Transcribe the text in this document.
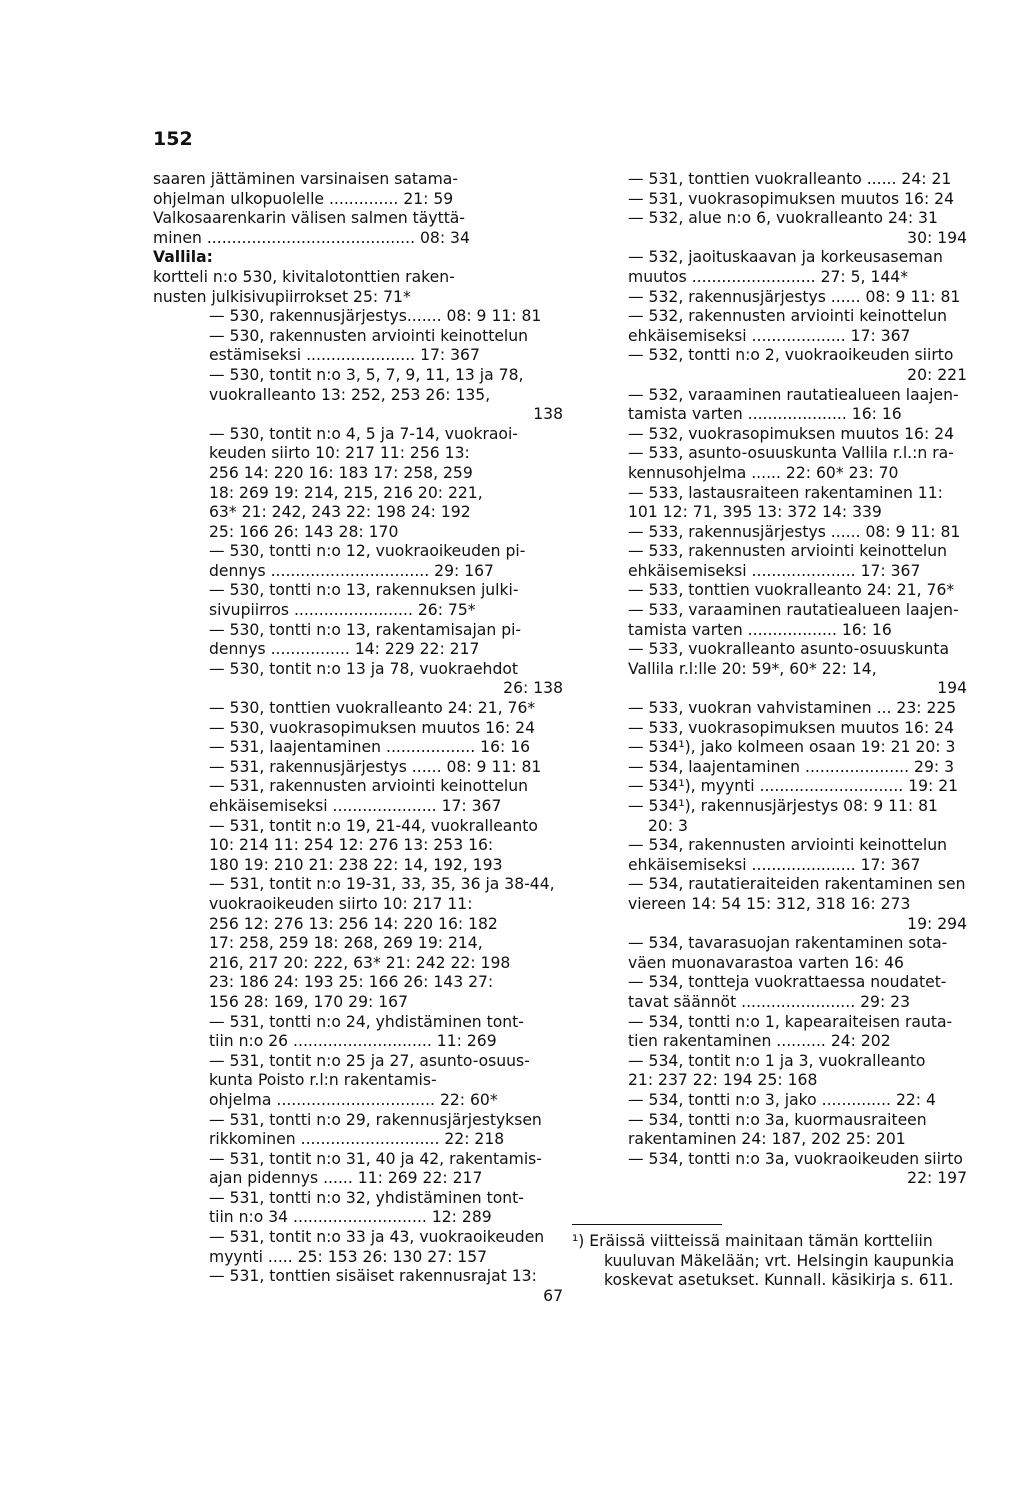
152
saaren jättäminen varsinaisen satama-
ohjelman ulkopuolelle .............. 21: 59
Valkosaarenkarin välisen salmen täyttä-
minen .......................................... 08: 34
Vallila:
kortteli n:o 530, kivitalotonttien raken-
nusten julkisivupiirrokset 25: 71*
— 530, rakennusjärjestys....... 08: 9 11: 81
— 530, rakennusten arviointi keinottelun
estämiseksi ...................... 17: 367
— 530, tontit n:o 3, 5, 7, 9, 11, 13 ja 78,
vuokralleanto 13: 252, 253 26: 135,
138
— 530, tontit n:o 4, 5 ja 7-14, vuokraoi-
keuden siirto 10: 217 11: 256 13:
256 14: 220 16: 183 17: 258, 259
18: 269 19: 214, 215, 216 20: 221,
63* 21: 242, 243 22: 198 24: 192
25: 166 26: 143 28: 170
— 530, tontti n:o 12, vuokraoikeuden pi-
dennys ................................ 29: 167
— 530, tontti n:o 13, rakennuksen julki-
sivupiirros ........................ 26: 75*
— 530, tontti n:o 13, rakentamisajan pi-
dennys ................ 14: 229 22: 217
— 530, tontit n:o 13 ja 78, vuokraehdot
26: 138
— 530, tonttien vuokralleanto 24: 21, 76*
— 530, vuokrasopimuksen muutos 16: 24
— 531, laajentaminen .................. 16: 16
— 531, rakennusjärjestys ...... 08: 9 11: 81
— 531, rakennusten arviointi keinottelun
ehkäisemiseksi ..................... 17: 367
— 531, tontit n:o 19, 21-44, vuokralleanto
10: 214 11: 254 12: 276 13: 253 16:
180 19: 210 21: 238 22: 14, 192, 193
— 531, tontit n:o 19-31, 33, 35, 36 ja 38-44,
vuokraoikeuden siirto 10: 217 11:
256 12: 276 13: 256 14: 220 16: 182
17: 258, 259 18: 268, 269 19: 214,
216, 217 20: 222, 63* 21: 242 22: 198
23: 186 24: 193 25: 166 26: 143 27:
156 28: 169, 170 29: 167
— 531, tontti n:o 24, yhdistäminen tont-
tiin n:o 26 ............................ 11: 269
— 531, tontit n:o 25 ja 27, asunto-osuus-
kunta Poisto r.l:n rakentamis-
ohjelma ................................ 22: 60*
— 531, tontti n:o 29, rakennusjärjestyksen
rikkominen ............................ 22: 218
— 531, tontit n:o 31, 40 ja 42, rakentamis-
ajan pidennys ...... 11: 269 22: 217
— 531, tontti n:o 32, yhdistäminen tont-
tiin n:o 34 ........................... 12: 289
— 531, tontit n:o 33 ja 43, vuokraoikeuden
myynti ..... 25: 153 26: 130 27: 157
— 531, tonttien sisäiset rakennusrajat 13:
67
— 531, tonttien vuokralleanto ...... 24: 21
— 531, vuokrasopimuksen muutos 16: 24
— 532, alue n:o 6, vuokralleanto 24: 31
30: 194
— 532, jaoituskaavan ja korkeusaseman
muutos ......................... 27: 5, 144*
— 532, rakennusjärjestys ...... 08: 9 11: 81
— 532, rakennusten arviointi keinottelun
ehkäisemiseksi ................... 17: 367
— 532, tontti n:o 2, vuokraoikeuden siirto
20: 221
— 532, varaaminen rautatiealueen laajen-
tamista varten .................... 16: 16
— 532, vuokrasopimuksen muutos 16: 24
— 533, asunto-osuuskunta Vallila r.l.:n ra-
kennusohjelma ...... 22: 60* 23: 70
— 533, lastausraiteen rakentaminen 11:
101 12: 71, 395 13: 372 14: 339
— 533, rakennusjärjestys ...... 08: 9 11: 81
— 533, rakennusten arviointi keinottelun
ehkäisemiseksi ..................... 17: 367
— 533, tonttien vuokralleanto 24: 21, 76*
— 533, varaaminen rautatiealueen laajen-
tamista varten .................. 16: 16
— 533, vuokralleanto asunto-osuuskunta
Vallila r.l:lle 20: 59*, 60* 22: 14,
194
— 533, vuokran vahvistaminen ... 23: 225
— 533, vuokrasopimuksen muutos 16: 24
— 534¹), jako kolmeen osaan 19: 21 20: 3
— 534, laajentaminen ..................... 29: 3
— 534¹), myynti ............................. 19: 21
— 534¹), rakennusjärjestys 08: 9 11: 81 20: 3
— 534, rakennusten arviointi keinottelun
ehkäisemiseksi ..................... 17: 367
— 534, rautatieraiteiden rakentaminen sen
viereen 14: 54 15: 312, 318 16: 273
19: 294
— 534, tavarasuojan rakentaminen sota-
väen muonavarastoa varten 16: 46
— 534, tontteja vuokrattaessa noudatet-
tavat säännöt ....................... 29: 23
— 534, tontti n:o 1, kapearaiteisen rauta-
tien rakentaminen .......... 24: 202
— 534, tontit n:o 1 ja 3, vuokralleanto
21: 237 22: 194 25: 168
— 534, tontti n:o 3, jako .............. 22: 4
— 534, tontti n:o 3a, kuormausraiteen
rakentaminen 24: 187, 202 25: 201
— 534, tontti n:o 3a, vuokraoikeuden siirto
22: 197
¹) Eräissä viitteissä mainitaan tämän kortteliin kuuluvan Mäkelään; vrt. Helsingin kaupunkia koskevat asetukset. Kunnall. käsikirja s. 611.
